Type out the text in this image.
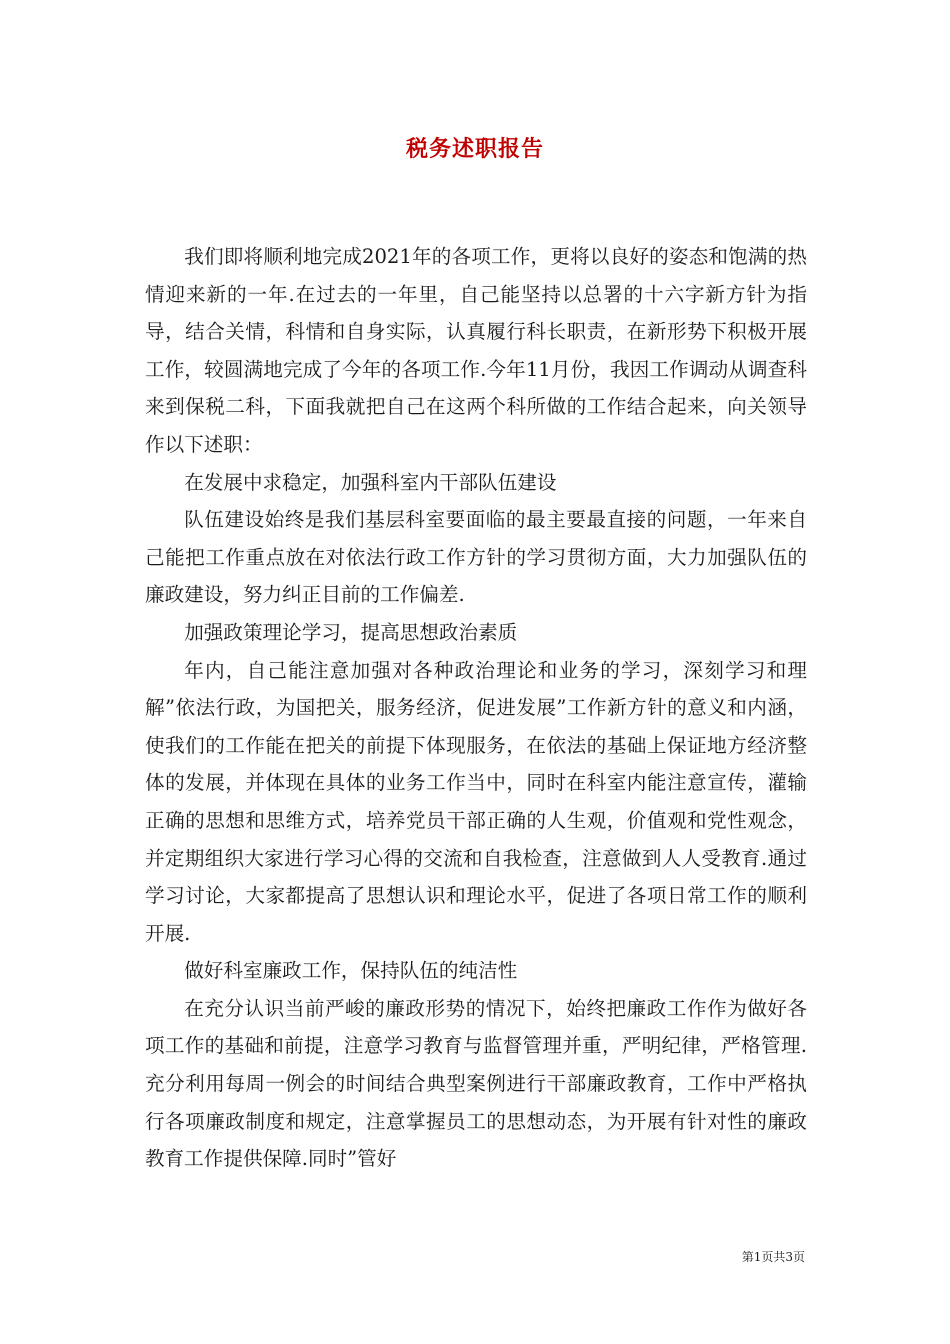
税务述职报告

我们即将顺利地完成2021年的各项工作，更将以良好的姿态和饱满的热情迎来新的一年.在过去的一年里，自己能坚持以总署的十六字新方针为指导，结合关情，科情和自身实际，认真履行科长职责，在新形势下积极开展工作，较圆满地完成了今年的各项工作.今年11月份，我因工作调动从调查科来到保税二科，下面我就把自己在这两个科所做的工作结合起来，向关领导作以下述职：

在发展中求稳定，加强科室内干部队伍建设

队伍建设始终是我们基层科室要面临的最主要最直接的问题，一年来自己能把工作重点放在对依法行政工作方针的学习贯彻方面，大力加强队伍的廉政建设，努力纠正目前的工作偏差.

加强政策理论学习，提高思想政治素质

年内，自己能注意加强对各种政治理论和业务的学习，深刻学习和理解”依法行政，为国把关，服务经济，促进发展”工作新方针的意义和内涵，使我们的工作能在把关的前提下体现服务，在依法的基础上保证地方经济整体的发展，并体现在具体的业务工作当中，同时在科室内能注意宣传，灌输正确的思想和思维方式，培养党员干部正确的人生观，价值观和党性观念，并定期组织大家进行学习心得的交流和自我检查，注意做到人人受教育.通过学习讨论，大家都提高了思想认识和理论水平，促进了各项日常工作的顺利开展.

做好科室廉政工作，保持队伍的纯洁性

在充分认识当前严峻的廉政形势的情况下，始终把廉政工作作为做好各项工作的基础和前提，注意学习教育与监督管理并重，严明纪律，严格管理.充分利用每周一例会的时间结合典型案例进行干部廉政教育，工作中严格执行各项廉政制度和规定，注意掌握员工的思想动态，为开展有针对性的廉政教育工作提供保障.同时”管好

第1页共3页
